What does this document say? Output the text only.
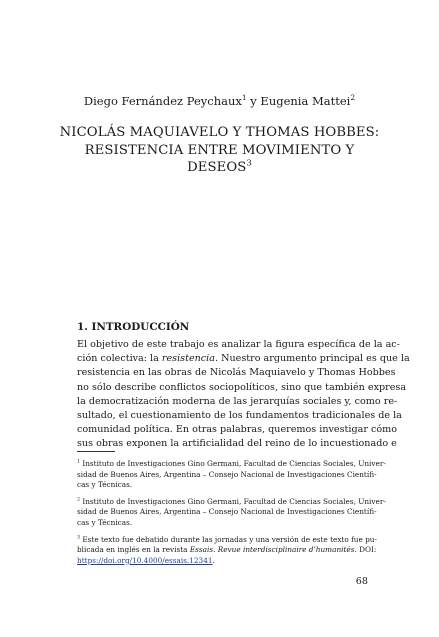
Diego Fernández Peychaux$^1$ y Eugenia Mattei$^2$
NICOLÁS MAQUIAVELO Y THOMAS HOBBES:
RESISTENCIA ENTRE MOVIMIENTO Y
DESEOS$^3$
1. INTRODUCCIÓN
El objetivo de este trabajo es analizar la figura específica de la ac-
ción colectiva: la resistencia. Nuestro argumento principal es que la
resistencia en las obras de Nicolás Maquiavelo y Thomas Hobbes
no sólo describe conflictos sociopolíticos, sino que también expresa
la democratización moderna de las jerarquías sociales y, como re-
sultado, el cuestionamiento de los fundamentos tradicionales de la
comunidad política. En otras palabras, queremos investigar cómo
sus obras exponen la artificialidad del reino de lo incuestionado e
$^1$ Instituto de Investigaciones Gino Germani, Facultad de Ciencias Sociales, Univer-
sidad de Buenos Aires, Argentina – Consejo Nacional de Investigaciones Científi-
cas y Técnicas.
$^2$ Instituto de Investigaciones Gino Germani, Facultad de Ciencias Sociales, Univer-
sidad de Buenos Aires, Argentina – Consejo Nacional de Investigaciones Científi-
cas y Técnicas.
$^3$ Este texto fue debatido durante las jornadas y una versión de este texto fue pu-
blicada en inglés en la revista Essais. Revue interdisciplinaire d’humanités. DOI:
https://doi.org/10.4000/essais.12341.
68
